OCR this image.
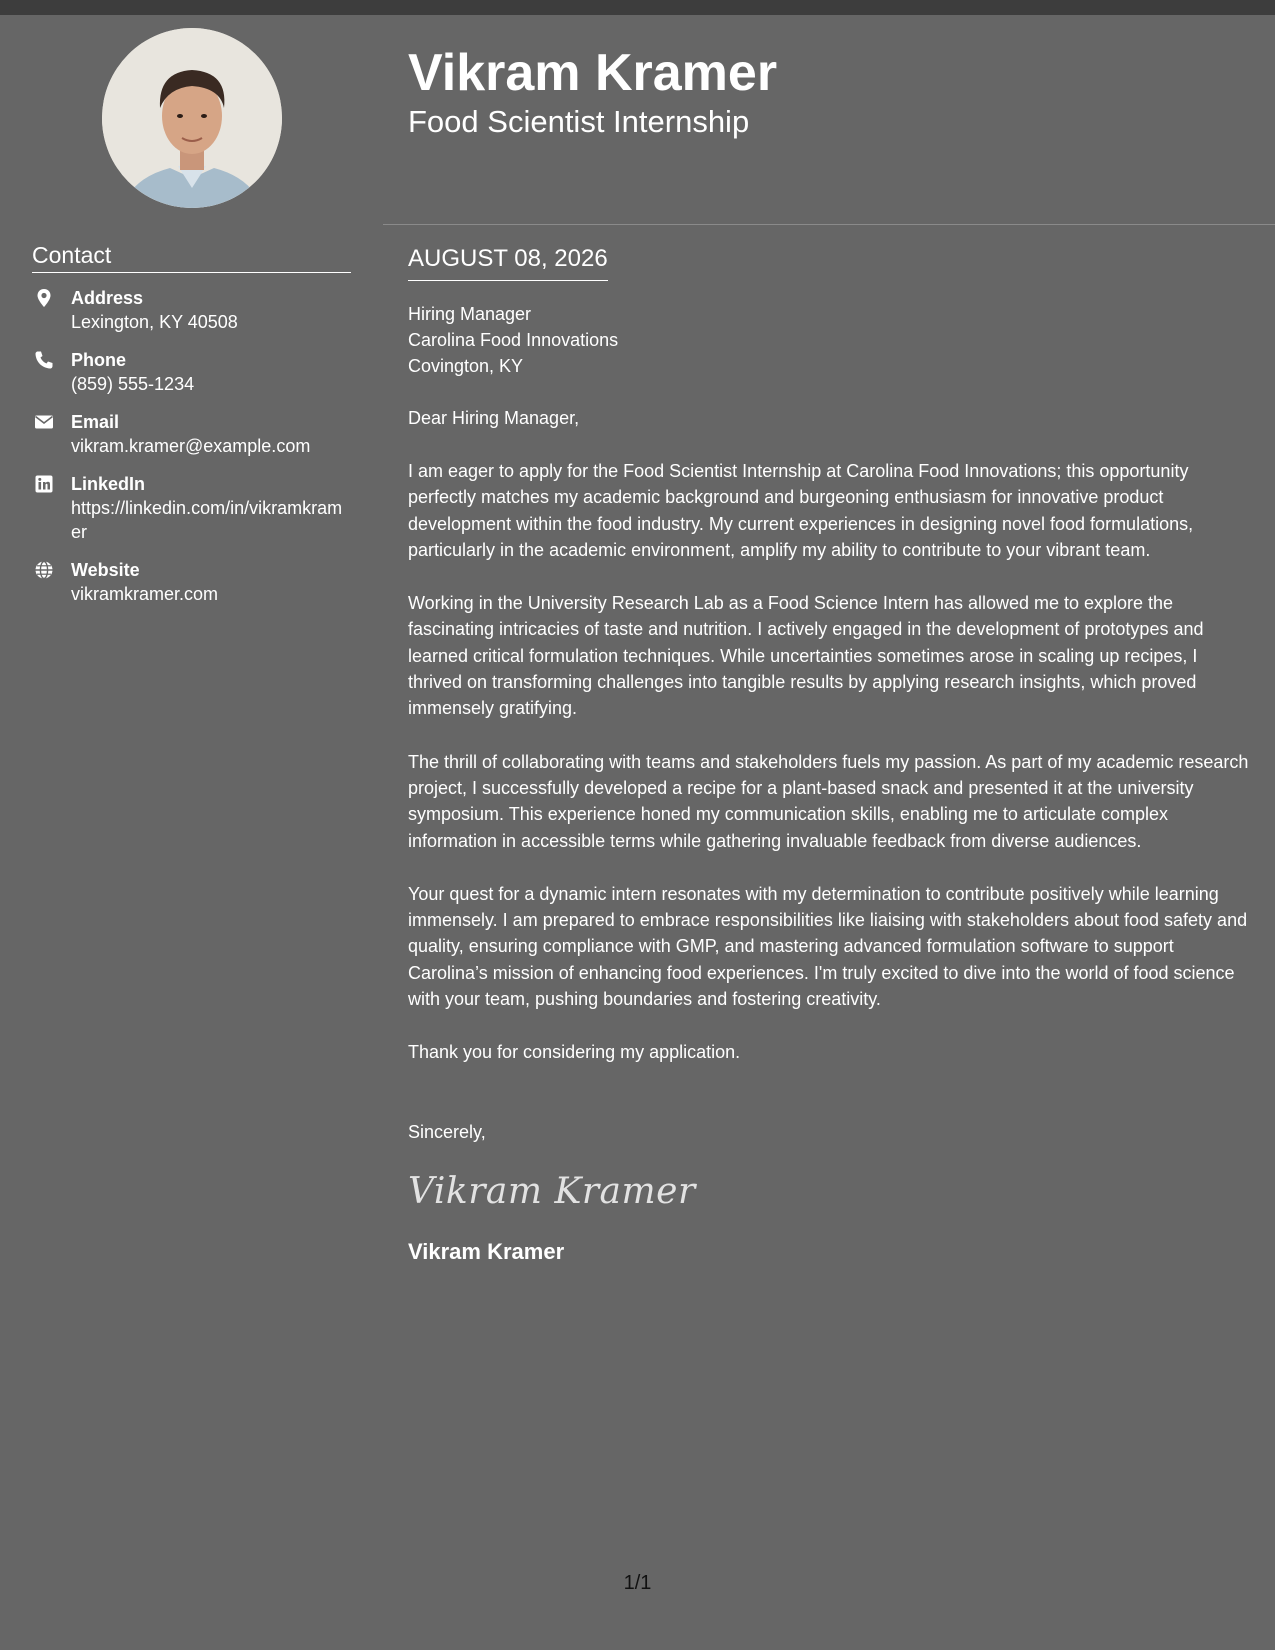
Vikram Kramer
Food Scientist Internship
Contact
Address
Lexington, KY 40508
Phone
(859) 555-1234
Email
vikram.kramer@example.com
LinkedIn
https://linkedin.com/in/vikramkramer
Website
vikramkramer.com
AUGUST 08, 2026
Hiring Manager
Carolina Food Innovations
Covington, KY
Dear Hiring Manager,
I am eager to apply for the Food Scientist Internship at Carolina Food Innovations; this opportunity perfectly matches my academic background and burgeoning enthusiasm for innovative product development within the food industry. My current experiences in designing novel food formulations, particularly in the academic environment, amplify my ability to contribute to your vibrant team.
Working in the University Research Lab as a Food Science Intern has allowed me to explore the fascinating intricacies of taste and nutrition. I actively engaged in the development of prototypes and learned critical formulation techniques. While uncertainties sometimes arose in scaling up recipes, I thrived on transforming challenges into tangible results by applying research insights, which proved immensely gratifying.
The thrill of collaborating with teams and stakeholders fuels my passion. As part of my academic research project, I successfully developed a recipe for a plant-based snack and presented it at the university symposium. This experience honed my communication skills, enabling me to articulate complex information in accessible terms while gathering invaluable feedback from diverse audiences.
Your quest for a dynamic intern resonates with my determination to contribute positively while learning immensely. I am prepared to embrace responsibilities like liaising with stakeholders about food safety and quality, ensuring compliance with GMP, and mastering advanced formulation software to support Carolina’s mission of enhancing food experiences. I'm truly excited to dive into the world of food science with your team, pushing boundaries and fostering creativity.
Thank you for considering my application.
Sincerely,
Vikram Kramer
Vikram Kramer
1/1
